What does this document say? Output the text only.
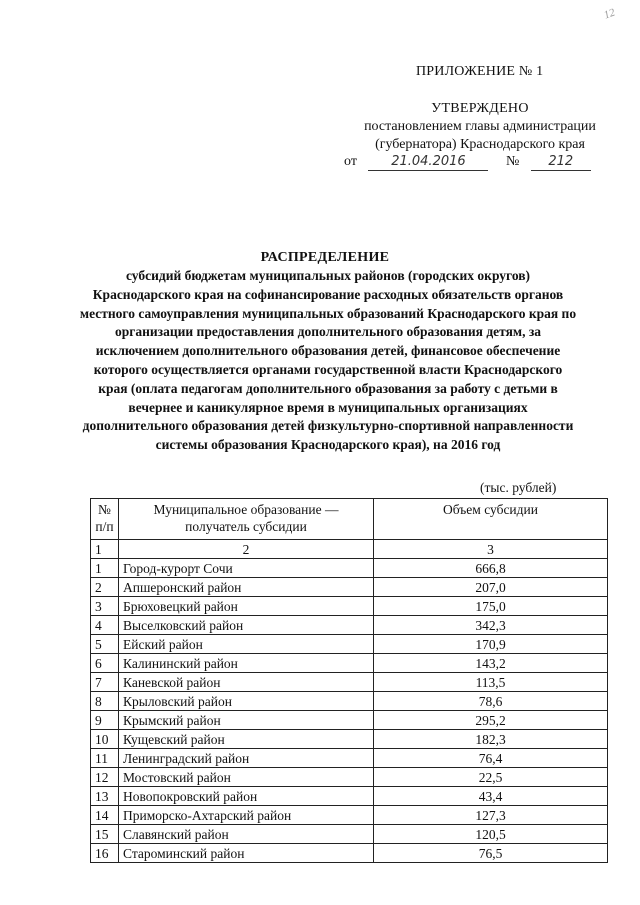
12
ПРИЛОЖЕНИЕ № 1
УТВЕРЖДЕНО
постановлением главы администрации
(губернатора) Краснодарского края
от	21.04.2016	№ 212
РАСПРЕДЕЛЕНИЕ
субсидий бюджетам муниципальных районов (городских округов) Краснодарского края на софинансирование расходных обязательств органов местного самоуправления муниципальных образований Краснодарского края по организации предоставления дополнительного образования детям, за исключением дополнительного образования детей, финансовое обеспечение которого осуществляется органами государственной власти Краснодарского края (оплата педагогам дополнительного образования за работу с детьми в вечернее и каникулярное время в муниципальных организациях дополнительного образования детей физкультурно-спортивной направленности системы образования Краснодарского края), на 2016 год
(тыс. рублей)
№ п/п	Муниципальное образование — получатель субсидии	Объем субсидии
1	2	3
1	Город-курорт Сочи	666,8
2	Апшеронский район	207,0
3	Брюховецкий район	175,0
4	Выселковский район	342,3
5	Ейский район	170,9
6	Калининский район	143,2
7	Каневской район	113,5
8	Крыловский район	78,6
9	Крымский район	295,2
10	Кущевский район	182,3
11	Ленинградский район	76,4
12	Мостовский район	22,5
13	Новопокровский район	43,4
14	Приморско-Ахтарский район	127,3
15	Славянский район	120,5
16	Староминский район	76,5
